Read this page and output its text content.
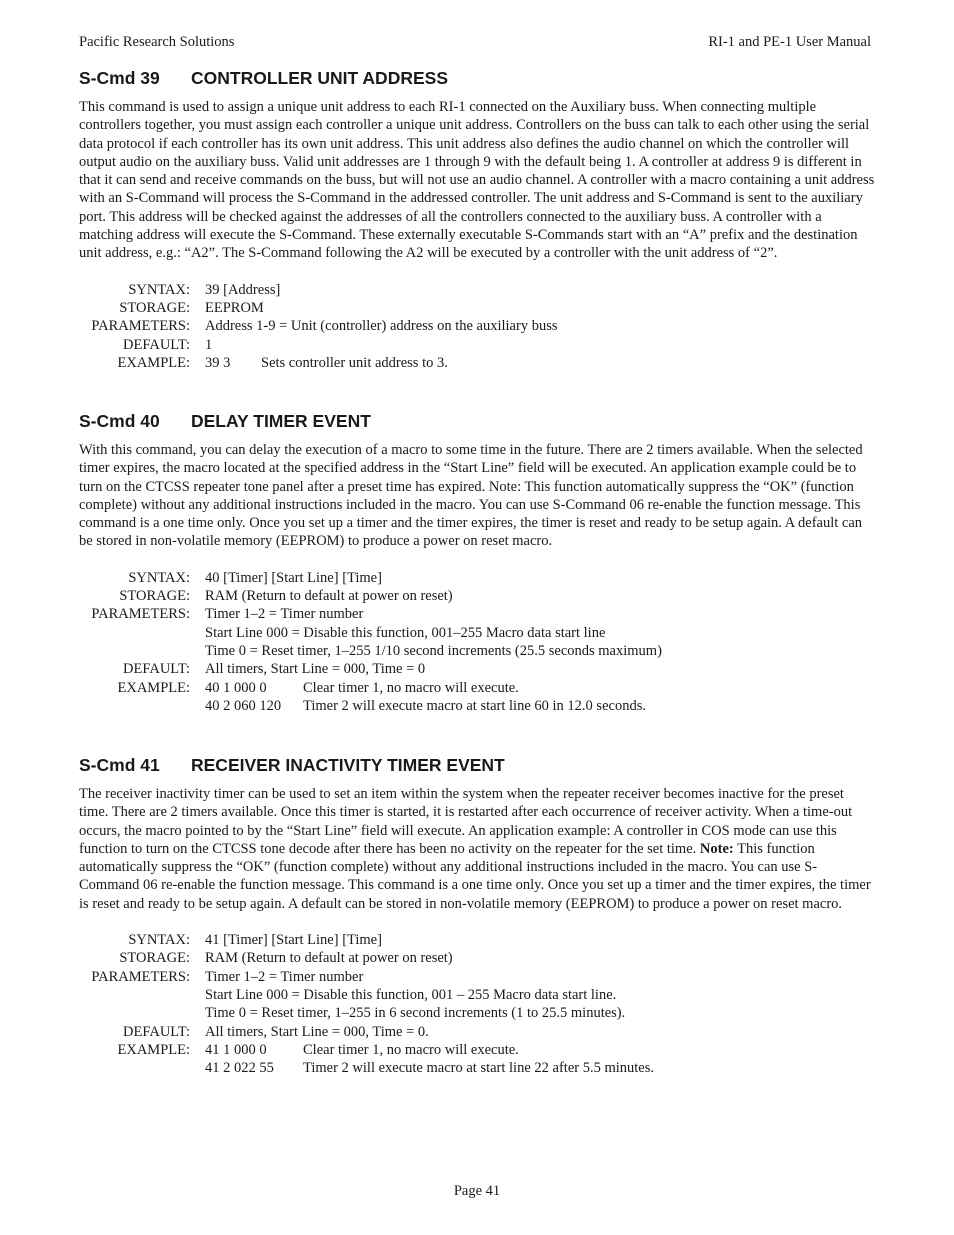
Pacific Research Solutions	RI-1 and PE-1 User Manual
S-Cmd 39 CONTROLLER UNIT ADDRESS

This command is used to assign a unique unit address to each RI-1 connected on the Auxiliary buss. When connecting multiple controllers together, you must assign each controller a unique unit address. Controllers on the buss can talk to each other using the serial data protocol if each controller has its own unit address. This unit address also defines the audio channel on which the controller will output audio on the auxiliary buss. Valid unit addresses are 1 through 9 with the default being 1. A controller at address 9 is different in that it can send and receive commands on the buss, but will not use an audio channel. A controller with a macro containing a unit address with an S-Command will process the S-Command in the addressed controller. The unit address and S-Command is sent to the auxiliary port. This address will be checked against the addresses of all the controllers connected to the auxiliary buss. A controller with a matching address will execute the S-Command. These externally executable S-Commands start with an “A” prefix and the destination unit address, e.g.: “A2”. The S-Command following the A2 will be executed by a controller with the unit address of “2”.

SYNTAX:	39 [Address]
STORAGE:	EEPROM
PARAMETERS:	Address 1-9 = Unit (controller) address on the auxiliary buss
DEFAULT:	1
EXAMPLE:	39 3 Sets controller unit address to 3.
S-Cmd 40 DELAY TIMER EVENT

With this command, you can delay the execution of a macro to some time in the future. There are 2 timers available. When the selected timer expires, the macro located at the specified address in the “Start Line” field will be executed. An application example could be to turn on the CTCSS repeater tone panel after a preset time has expired. Note: This function automatically suppress the “OK” (function complete) without any additional instructions included in the macro. You can use S-Command 06 re-enable the function message. This command is a one time only. Once you set up a timer and the timer expires, the timer is reset and ready to be setup again. A default can be stored in non-volatile memory (EEPROM) to produce a power on reset macro.

SYNTAX:	40 [Timer] [Start Line] [Time]
STORAGE:	RAM (Return to default at power on reset)
PARAMETERS:	Timer 1–2 = Timer number
	Start Line 000 = Disable this function, 001–255 Macro data start line
	Time 0 = Reset timer, 1–255 1/10 second increments (25.5 seconds maximum)
DEFAULT:	All timers, Start Line = 000, Time = 0
EXAMPLE:	40 1 000 0 Clear timer 1, no macro will execute.
	40 2 060 120 Timer 2 will execute macro at start line 60 in 12.0 seconds.
S-Cmd 41 RECEIVER INACTIVITY TIMER EVENT

The receiver inactivity timer can be used to set an item within the system when the repeater receiver becomes inactive for the preset time. There are 2 timers available. Once this timer is started, it is restarted after each occurrence of receiver activity. When a time-out occurs, the macro pointed to by the “Start Line” field will execute. An application example: A controller in COS mode can use this function to turn on the CTCSS tone decode after there has been no activity on the repeater for the set time. Note: This function automatically suppress the “OK” (function complete) without any additional instructions included in the macro. You can use S-Command 06 re-enable the function message. This command is a one time only. Once you set up a timer and the timer expires, the timer is reset and ready to be setup again. A default can be stored in non-volatile memory (EEPROM) to produce a power on reset macro.

SYNTAX:	41 [Timer] [Start Line] [Time]
STORAGE:	RAM (Return to default at power on reset)
PARAMETERS:	Timer 1–2 = Timer number
	Start Line 000 = Disable this function, 001 – 255 Macro data start line.
	Time 0 = Reset timer, 1–255 in 6 second increments (1 to 25.5 minutes).
DEFAULT:	All timers, Start Line = 000, Time = 0.
EXAMPLE:	41 1 000 0 Clear timer 1, no macro will execute.
	41 2 022 55 Timer 2 will execute macro at start line 22 after 5.5 minutes.
Page 41
